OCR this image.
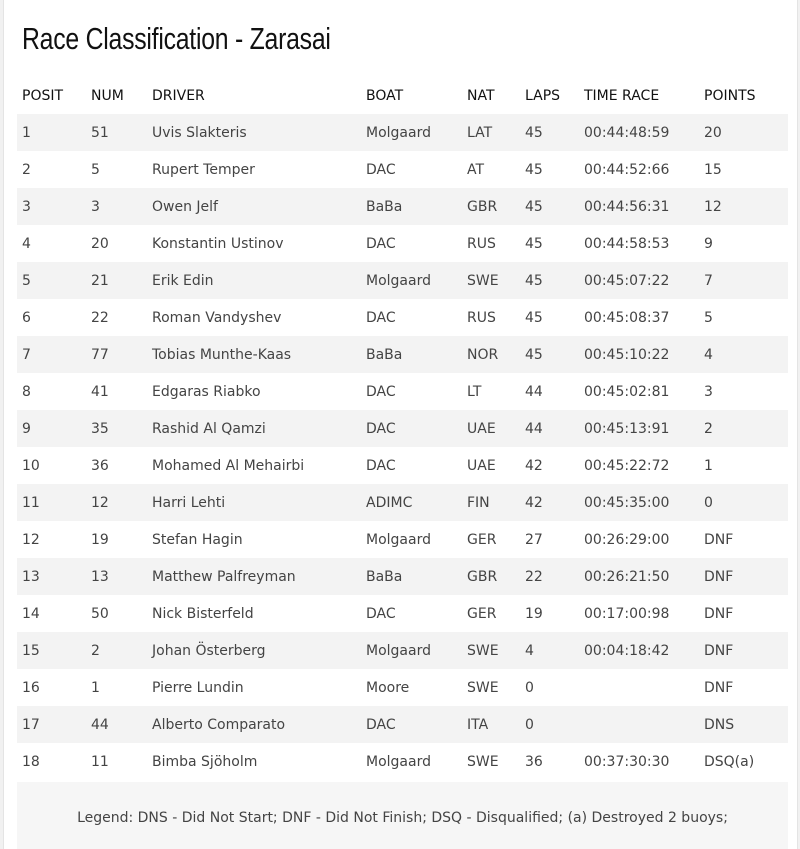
Race Classification - Zarasai
POSIT	NUM	DRIVER	BOAT	NAT	LAPS	TIME RACE	POINTS
1	51	Uvis Slakteris	Molgaard	LAT	45	00:44:48:59	20
2	5	Rupert Temper	DAC	AT	45	00:44:52:66	15
3	3	Owen Jelf	BaBa	GBR	45	00:44:56:31	12
4	20	Konstantin Ustinov	DAC	RUS	45	00:44:58:53	9
5	21	Erik Edin	Molgaard	SWE	45	00:45:07:22	7
6	22	Roman Vandyshev	DAC	RUS	45	00:45:08:37	5
7	77	Tobias Munthe-Kaas	BaBa	NOR	45	00:45:10:22	4
8	41	Edgaras Riabko	DAC	LT	44	00:45:02:81	3
9	35	Rashid Al Qamzi	DAC	UAE	44	00:45:13:91	2
10	36	Mohamed Al Mehairbi	DAC	UAE	42	00:45:22:72	1
11	12	Harri Lehti	ADIMC	FIN	42	00:45:35:00	0
12	19	Stefan Hagin	Molgaard	GER	27	00:26:29:00	DNF
13	13	Matthew Palfreyman	BaBa	GBR	22	00:26:21:50	DNF
14	50	Nick Bisterfeld	DAC	GER	19	00:17:00:98	DNF
15	2	Johan Österberg	Molgaard	SWE	4	00:04:18:42	DNF
16	1	Pierre Lundin	Moore	SWE	0		DNF
17	44	Alberto Comparato	DAC	ITA	0		DNS
18	11	Bimba Sjöholm	Molgaard	SWE	36	00:37:30:30	DSQ(a)
Legend: DNS - Did Not Start; DNF - Did Not Finish; DSQ - Disqualified; (a) Destroyed 2 buoys;
